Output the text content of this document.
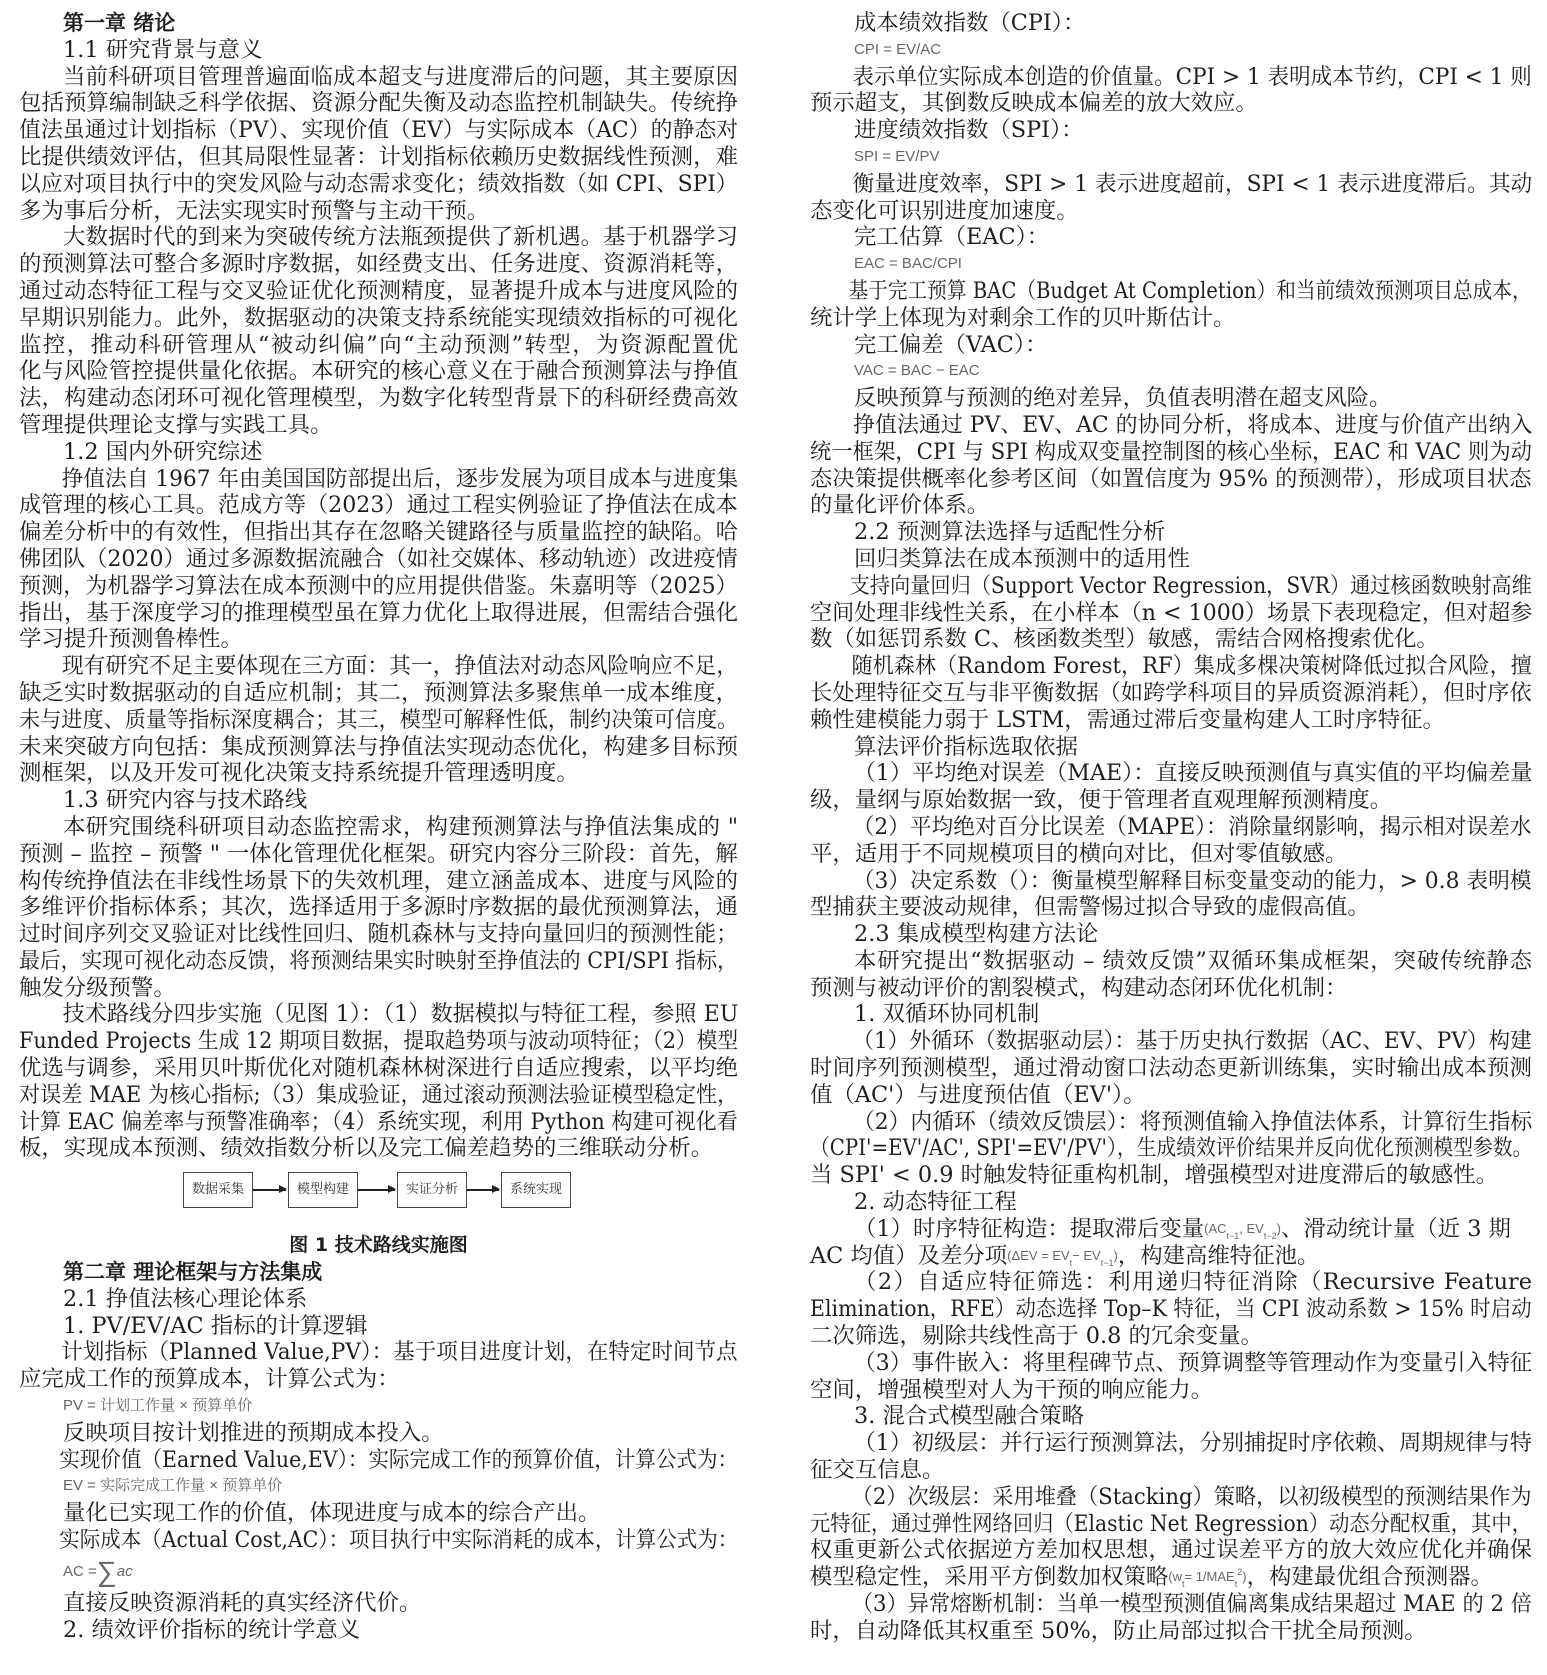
第一章 绪论
1.1 研究背景与意义
当前科研项目管理普遍面临成本超支与进度滞后的问题，其主要原因
包括预算编制缺乏科学依据、资源分配失衡及动态监控机制缺失。传统挣
值法虽通过计划指标（PV）、实现价值（EV）与实际成本（AC）的静态对
比提供绩效评估，但其局限性显著：计划指标依赖历史数据线性预测，难
以应对项目执行中的突发风险与动态需求变化；绩效指数（如 CPI、SPI）
多为事后分析，无法实现实时预警与主动干预。
大数据时代的到来为突破传统方法瓶颈提供了新机遇。基于机器学习
的预测算法可整合多源时序数据，如经费支出、任务进度、资源消耗等，
通过动态特征工程与交叉验证优化预测精度，显著提升成本与进度风险的
早期识别能力。此外，数据驱动的决策支持系统能实现绩效指标的可视化
监控，推动科研管理从“被动纠偏”向“主动预测”转型，为资源配置优
化与风险管控提供量化依据。本研究的核心意义在于融合预测算法与挣值
法，构建动态闭环可视化管理模型，为数字化转型背景下的科研经费高效
管理提供理论支撑与实践工具。
1.2 国内外研究综述
挣值法自 1967 年由美国国防部提出后，逐步发展为项目成本与进度集
成管理的核心工具。范成方等（2023）通过工程实例验证了挣值法在成本
偏差分析中的有效性，但指出其存在忽略关键路径与质量监控的缺陷。哈
佛团队（2020）通过多源数据流融合（如社交媒体、移动轨迹）改进疫情
预测，为机器学习算法在成本预测中的应用提供借鉴。朱嘉明等（2025）
指出，基于深度学习的推理模型虽在算力优化上取得进展，但需结合强化
学习提升预测鲁棒性。
现有研究不足主要体现在三方面：其一，挣值法对动态风险响应不足，
缺乏实时数据驱动的自适应机制；其二，预测算法多聚焦单一成本维度，
未与进度、质量等指标深度耦合；其三，模型可解释性低，制约决策可信度。
未来突破方向包括：集成预测算法与挣值法实现动态优化，构建多目标预
测框架，以及开发可视化决策支持系统提升管理透明度。
1.3 研究内容与技术路线
本研究围绕科研项目动态监控需求，构建预测算法与挣值法集成的 "
预测 – 监控 – 预警 " 一体化管理优化框架。研究内容分三阶段：首先，解
构传统挣值法在非线性场景下的失效机理，建立涵盖成本、进度与风险的
多维评价指标体系；其次，选择适用于多源时序数据的最优预测算法，通
过时间序列交叉验证对比线性回归、随机森林与支持向量回归的预测性能；
最后，实现可视化动态反馈，将预测结果实时映射至挣值法的 CPI/SPI 指标，
触发分级预警。
技术路线分四步实施（见图 1）：（1）数据模拟与特征工程，参照 EU
Funded Projects 生成 12 期项目数据，提取趋势项与波动项特征；（2）模型
优选与调参，采用贝叶斯优化对随机森林树深进行自适应搜索，以平均绝
对误差 MAE 为核心指标;（3）集成验证，通过滚动预测法验证模型稳定性，
计算 EAC 偏差率与预警准确率；（4）系统实现，利用 Python 构建可视化看
板，实现成本预测、绩效指数分析以及完工偏差趋势的三维联动分析。
数据采集	模型构建	实证分析	系统实现
图 1 技术路线实施图
第二章 理论框架与方法集成
2.1 挣值法核心理论体系
1. PV/EV/AC 指标的计算逻辑
计划指标（Planned Value,PV）：基于项目进度计划，在特定时间节点
应完成工作的预算成本，计算公式为：
PV = 计划工作量 × 预算单价
反映项目按计划推进的预期成本投入。
实现价值（Earned Value,EV）：实际完成工作的预算价值，计算公式为：
EV = 实际完成工作量 × 预算单价
量化已实现工作的价值，体现进度与成本的综合产出。
实际成本（Actual Cost,AC）：项目执行中实际消耗的成本，计算公式为：
AC =∑ac
直接反映资源消耗的真实经济代价。
2. 绩效评价指标的统计学意义
成本绩效指数（CPI）：
CPI = EV/AC
表示单位实际成本创造的价值量。CPI > 1 表明成本节约，CPI < 1 则
预示超支，其倒数反映成本偏差的放大效应。
进度绩效指数（SPI）：
SPI = EV/PV
衡量进度效率，SPI > 1 表示进度超前，SPI < 1 表示进度滞后。其动
态变化可识别进度加速度。
完工估算（EAC）：
EAC = BAC/CPI
基于完工预算 BAC（Budget At Completion）和当前绩效预测项目总成本，
统计学上体现为对剩余工作的贝叶斯估计。
完工偏差（VAC）：
VAC = BAC − EAC
反映预算与预测的绝对差异，负值表明潜在超支风险。
挣值法通过 PV、EV、AC 的协同分析，将成本、进度与价值产出纳入
统一框架，CPI 与 SPI 构成双变量控制图的核心坐标，EAC 和 VAC 则为动
态决策提供概率化参考区间（如置信度为 95% 的预测带），形成项目状态
的量化评价体系。
2.2 预测算法选择与适配性分析
回归类算法在成本预测中的适用性
支持向量回归（Support Vector Regression，SVR）通过核函数映射高维
空间处理非线性关系，在小样本（n < 1000）场景下表现稳定，但对超参
数（如惩罚系数 C、核函数类型）敏感，需结合网格搜索优化。
随机森林（Random Forest，RF）集成多棵决策树降低过拟合风险，擅
长处理特征交互与非平衡数据（如跨学科项目的异质资源消耗），但时序依
赖性建模能力弱于 LSTM，需通过滞后变量构建人工时序特征。
算法评价指标选取依据
（1）平均绝对误差（MAE）：直接反映预测值与真实值的平均偏差量
级，量纲与原始数据一致，便于管理者直观理解预测精度。
（2）平均绝对百分比误差（MAPE）：消除量纲影响，揭示相对误差水
平，适用于不同规模项目的横向对比，但对零值敏感。
（3）决定系数（）：衡量模型解释目标变量变动的能力，> 0.8 表明模
型捕获主要波动规律，但需警惕过拟合导致的虚假高值。
2.3 集成模型构建方法论
本研究提出“数据驱动 – 绩效反馈”双循环集成框架，突破传统静态
预测与被动评价的割裂模式，构建动态闭环优化机制：
1. 双循环协同机制
（1）外循环（数据驱动层）：基于历史执行数据（AC、EV、PV）构建
时间序列预测模型，通过滑动窗口法动态更新训练集，实时输出成本预测
值（AC'）与进度预估值（EV'）。
（2）内循环（绩效反馈层）：将预测值输入挣值法体系，计算衍生指标
（CPI'=EV'/AC', SPI'=EV'/PV'），生成绩效评价结果并反向优化预测模型参数。
当 SPI' < 0.9 时触发特征重构机制，增强模型对进度滞后的敏感性。
2. 动态特征工程
（1）时序特征构造：提取滞后变量($AC_{t-1}$, $EV_{t-2}$)、滑动统计量（近 3 期
AC 均值）及差分项$(\Delta EV = EV_t- EV_{t-1})$，构建高维特征池。
（2）自适应特征筛选：利用递归特征消除（Recursive Feature
Elimination，RFE）动态选择 Top–K 特征，当 CPI 波动系数 > 15% 时启动
二次筛选，剔除共线性高于 0.8 的冗余变量。
（3）事件嵌入：将里程碑节点、预算调整等管理动作为变量引入特征
空间，增强模型对人为干预的响应能力。
3. 混合式模型融合策略
（1）初级层：并行运行预测算法，分别捕捉时序依赖、周期规律与特
征交互信息。
（2）次级层：采用堆叠（Stacking）策略，以初级模型的预测结果作为
元特征，通过弹性网络回归（Elastic Net Regression）动态分配权重，其中，
权重更新公式依据逆方差加权思想，通过误差平方的放大效应优化并确保
模型稳定性，采用平方倒数加权策略$(w_t= 1/MAE_t^2)$，构建最优组合预测器。
（3）异常熔断机制：当单一模型预测值偏离集成结果超过 MAE 的 2 倍
时，自动降低其权重至 50%，防止局部过拟合干扰全局预测。
